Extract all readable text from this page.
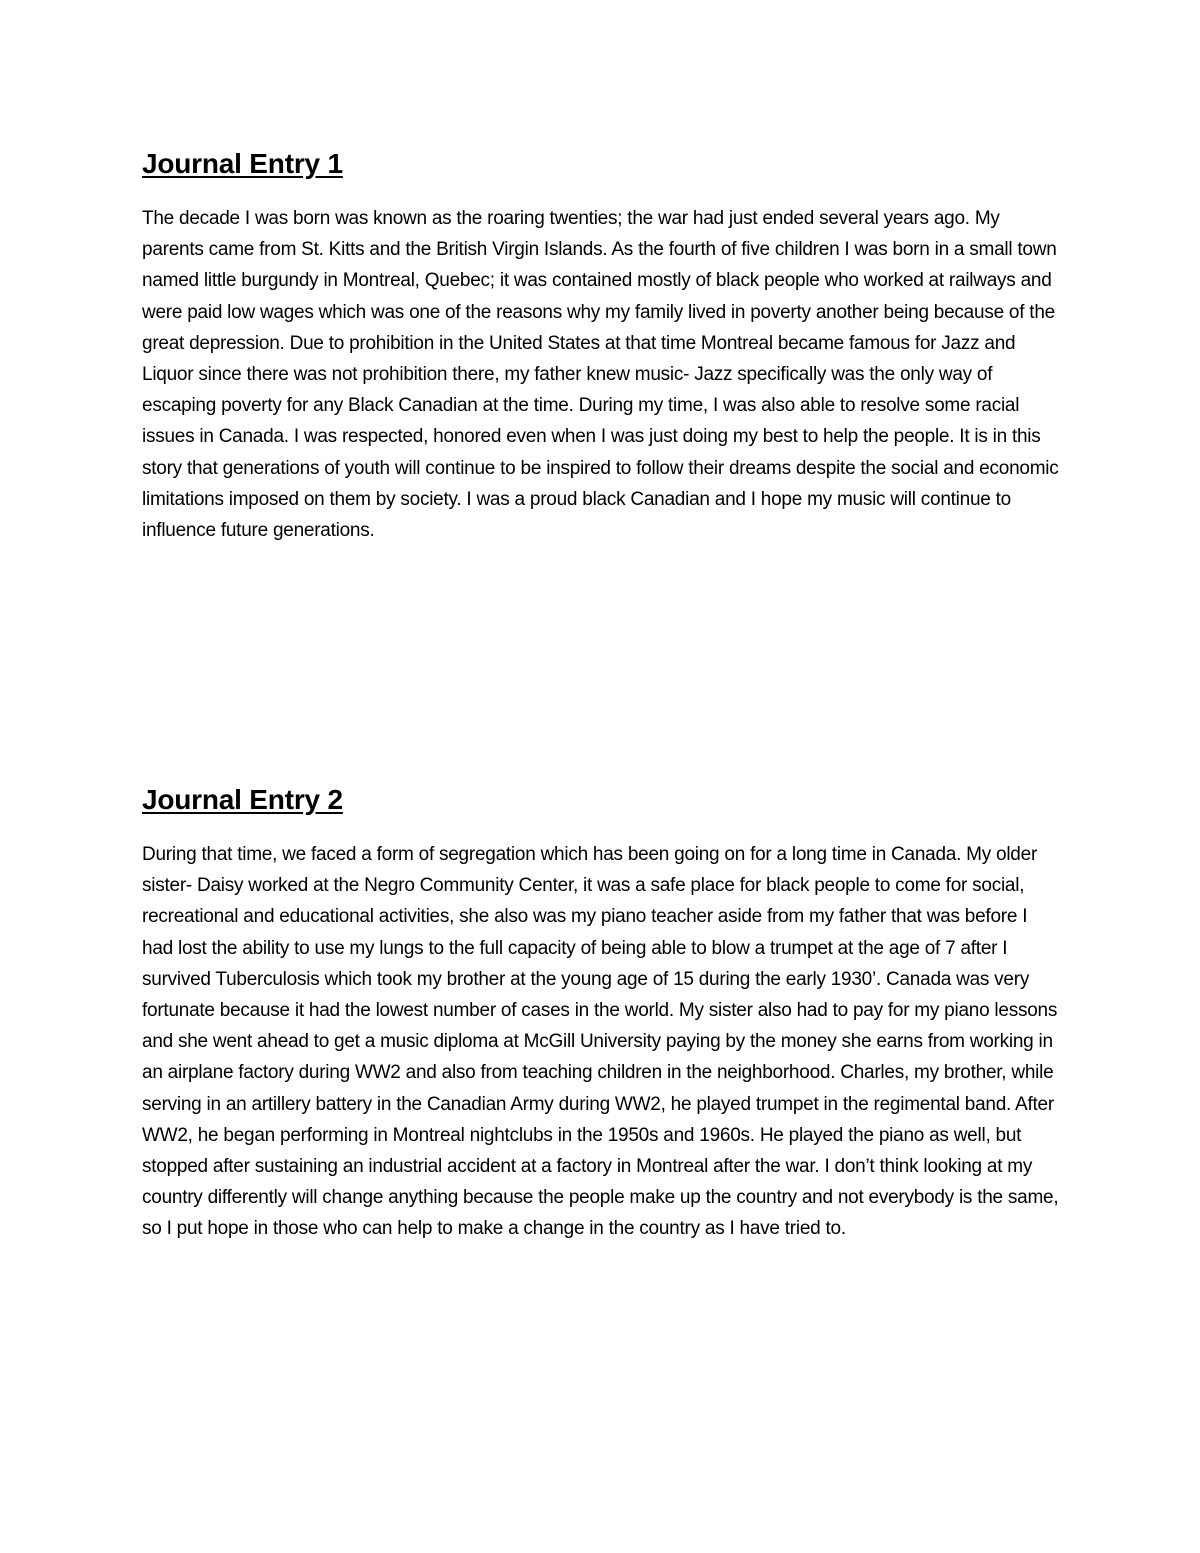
Journal Entry 1

The decade I was born was known as the roaring twenties; the war had just ended several years ago. My parents came from St. Kitts and the British Virgin Islands. As the fourth of five children I was born in a small town named little burgundy in Montreal, Quebec; it was contained mostly of black people who worked at railways and were paid low wages which was one of the reasons why my family lived in poverty another being because of the great depression. Due to prohibition in the United States at that time Montreal became famous for Jazz and Liquor since there was not prohibition there, my father knew music- Jazz specifically was the only way of escaping poverty for any Black Canadian at the time. During my time, I was also able to resolve some racial issues in Canada. I was respected, honored even when I was just doing my best to help the people. It is in this story that generations of youth will continue to be inspired to follow their dreams despite the social and economic limitations imposed on them by society. I was a proud black Canadian and I hope my music will continue to influence future generations.

Journal Entry 2

During that time, we faced a form of segregation which has been going on for a long time in Canada. My older sister- Daisy worked at the Negro Community Center, it was a safe place for black people to come for social, recreational and educational activities, she also was my piano teacher aside from my father that was before I had lost the ability to use my lungs to the full capacity of being able to blow a trumpet at the age of 7 after I survived Tuberculosis which took my brother at the young age of 15 during the early 1930’. Canada was very fortunate because it had the lowest number of cases in the world. My sister also had to pay for my piano lessons and she went ahead to get a music diploma at McGill University paying by the money she earns from working in an airplane factory during WW2 and also from teaching children in the neighborhood. Charles, my brother, while serving in an artillery battery in the Canadian Army during WW2, he played trumpet in the regimental band. After WW2, he began performing in Montreal nightclubs in the 1950s and 1960s. He played the piano as well, but stopped after sustaining an industrial accident at a factory in Montreal after the war. I don’t think looking at my country differently will change anything because the people make up the country and not everybody is the same, so I put hope in those who can help to make a change in the country as I have tried to.
